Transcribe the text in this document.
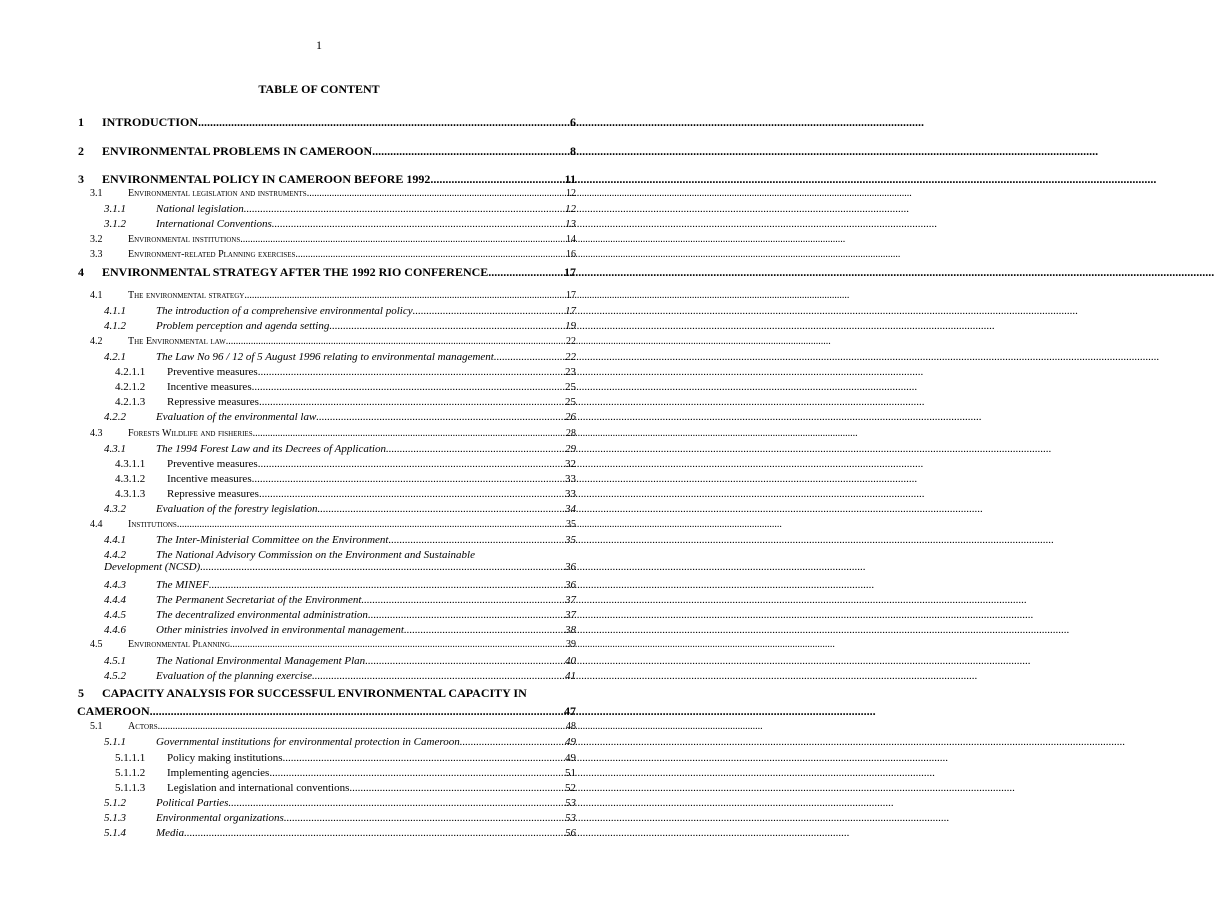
1
TABLE OF CONTENT
1	INTRODUCTION .....	6
2	ENVIRONMENTAL PROBLEMS IN CAMEROON .....	8
3	ENVIRONMENTAL POLICY IN CAMEROON BEFORE 1992 .....	11
3.1	Environmental legislation and instruments .....	12
3.1.1	National legislation .....	12
3.1.2	International Conventions .....	13
3.2	Environmental institutions .....	14
3.3	Environment-related Planning exercises .....	16
4	ENVIRONMENTAL STRATEGY AFTER THE 1992 RIO CONFERENCE .....	17
4.1	The environmental strategy .....	17
4.1.1	The introduction of a comprehensive environmental policy .....	17
4.1.2	Problem perception and agenda setting .....	19
4.2	The Environmental law .....	22
4.2.1	The Law No 96 / 12 of 5 August 1996 relating to environmental management .....	22
4.2.1.1	Preventive measures .....	23
4.2.1.2	Incentive measures .....	25
4.2.1.3	Repressive measures .....	25
4.2.2	Evaluation of the environmental law .....	26
4.3	Forests Wildlife and fisheries .....	28
4.3.1	The 1994 Forest Law and its Decrees of Application .....	29
4.3.1.1	Preventive measures .....	32
4.3.1.2	Incentive measures .....	33
4.3.1.3	Repressive measures .....	33
4.3.2	Evaluation of the forestry legislation .....	34
4.4	Institutions .....	35
4.4.1	The Inter-Ministerial Committee on the Environment .....	35
4.4.2	The National Advisory Commission on the Environment and Sustainable
Development (NCSD) .....	36
4.4.3	The MINEF .....	36
4.4.4	The Permanent Secretariat of the Environment .....	37
4.4.5	The decentralized environmental administration .....	37
4.4.6	Other ministries involved in environmental management .....	38
4.5	Environmental Planning .....	39
4.5.1	The National Environmental Management Plan .....	40
4.5.2	Evaluation of the planning exercise .....	41
5	CAPACITY ANALYSIS FOR SUCCESSFUL ENVIRONMENTAL CAPACITY IN
CAMEROON .....	47
5.1	Actors .....	48
5.1.1	Governmental institutions for environmental protection in Cameroon .....	49
5.1.1.1	Policy making institutions .....	49
5.1.1.2	Implementing agencies .....	51
5.1.1.3	Legislation and international conventions .....	52
5.1.2	Political Parties .....	53
5.1.3	Environmental organizations .....	53
5.1.4	Media .....	56
